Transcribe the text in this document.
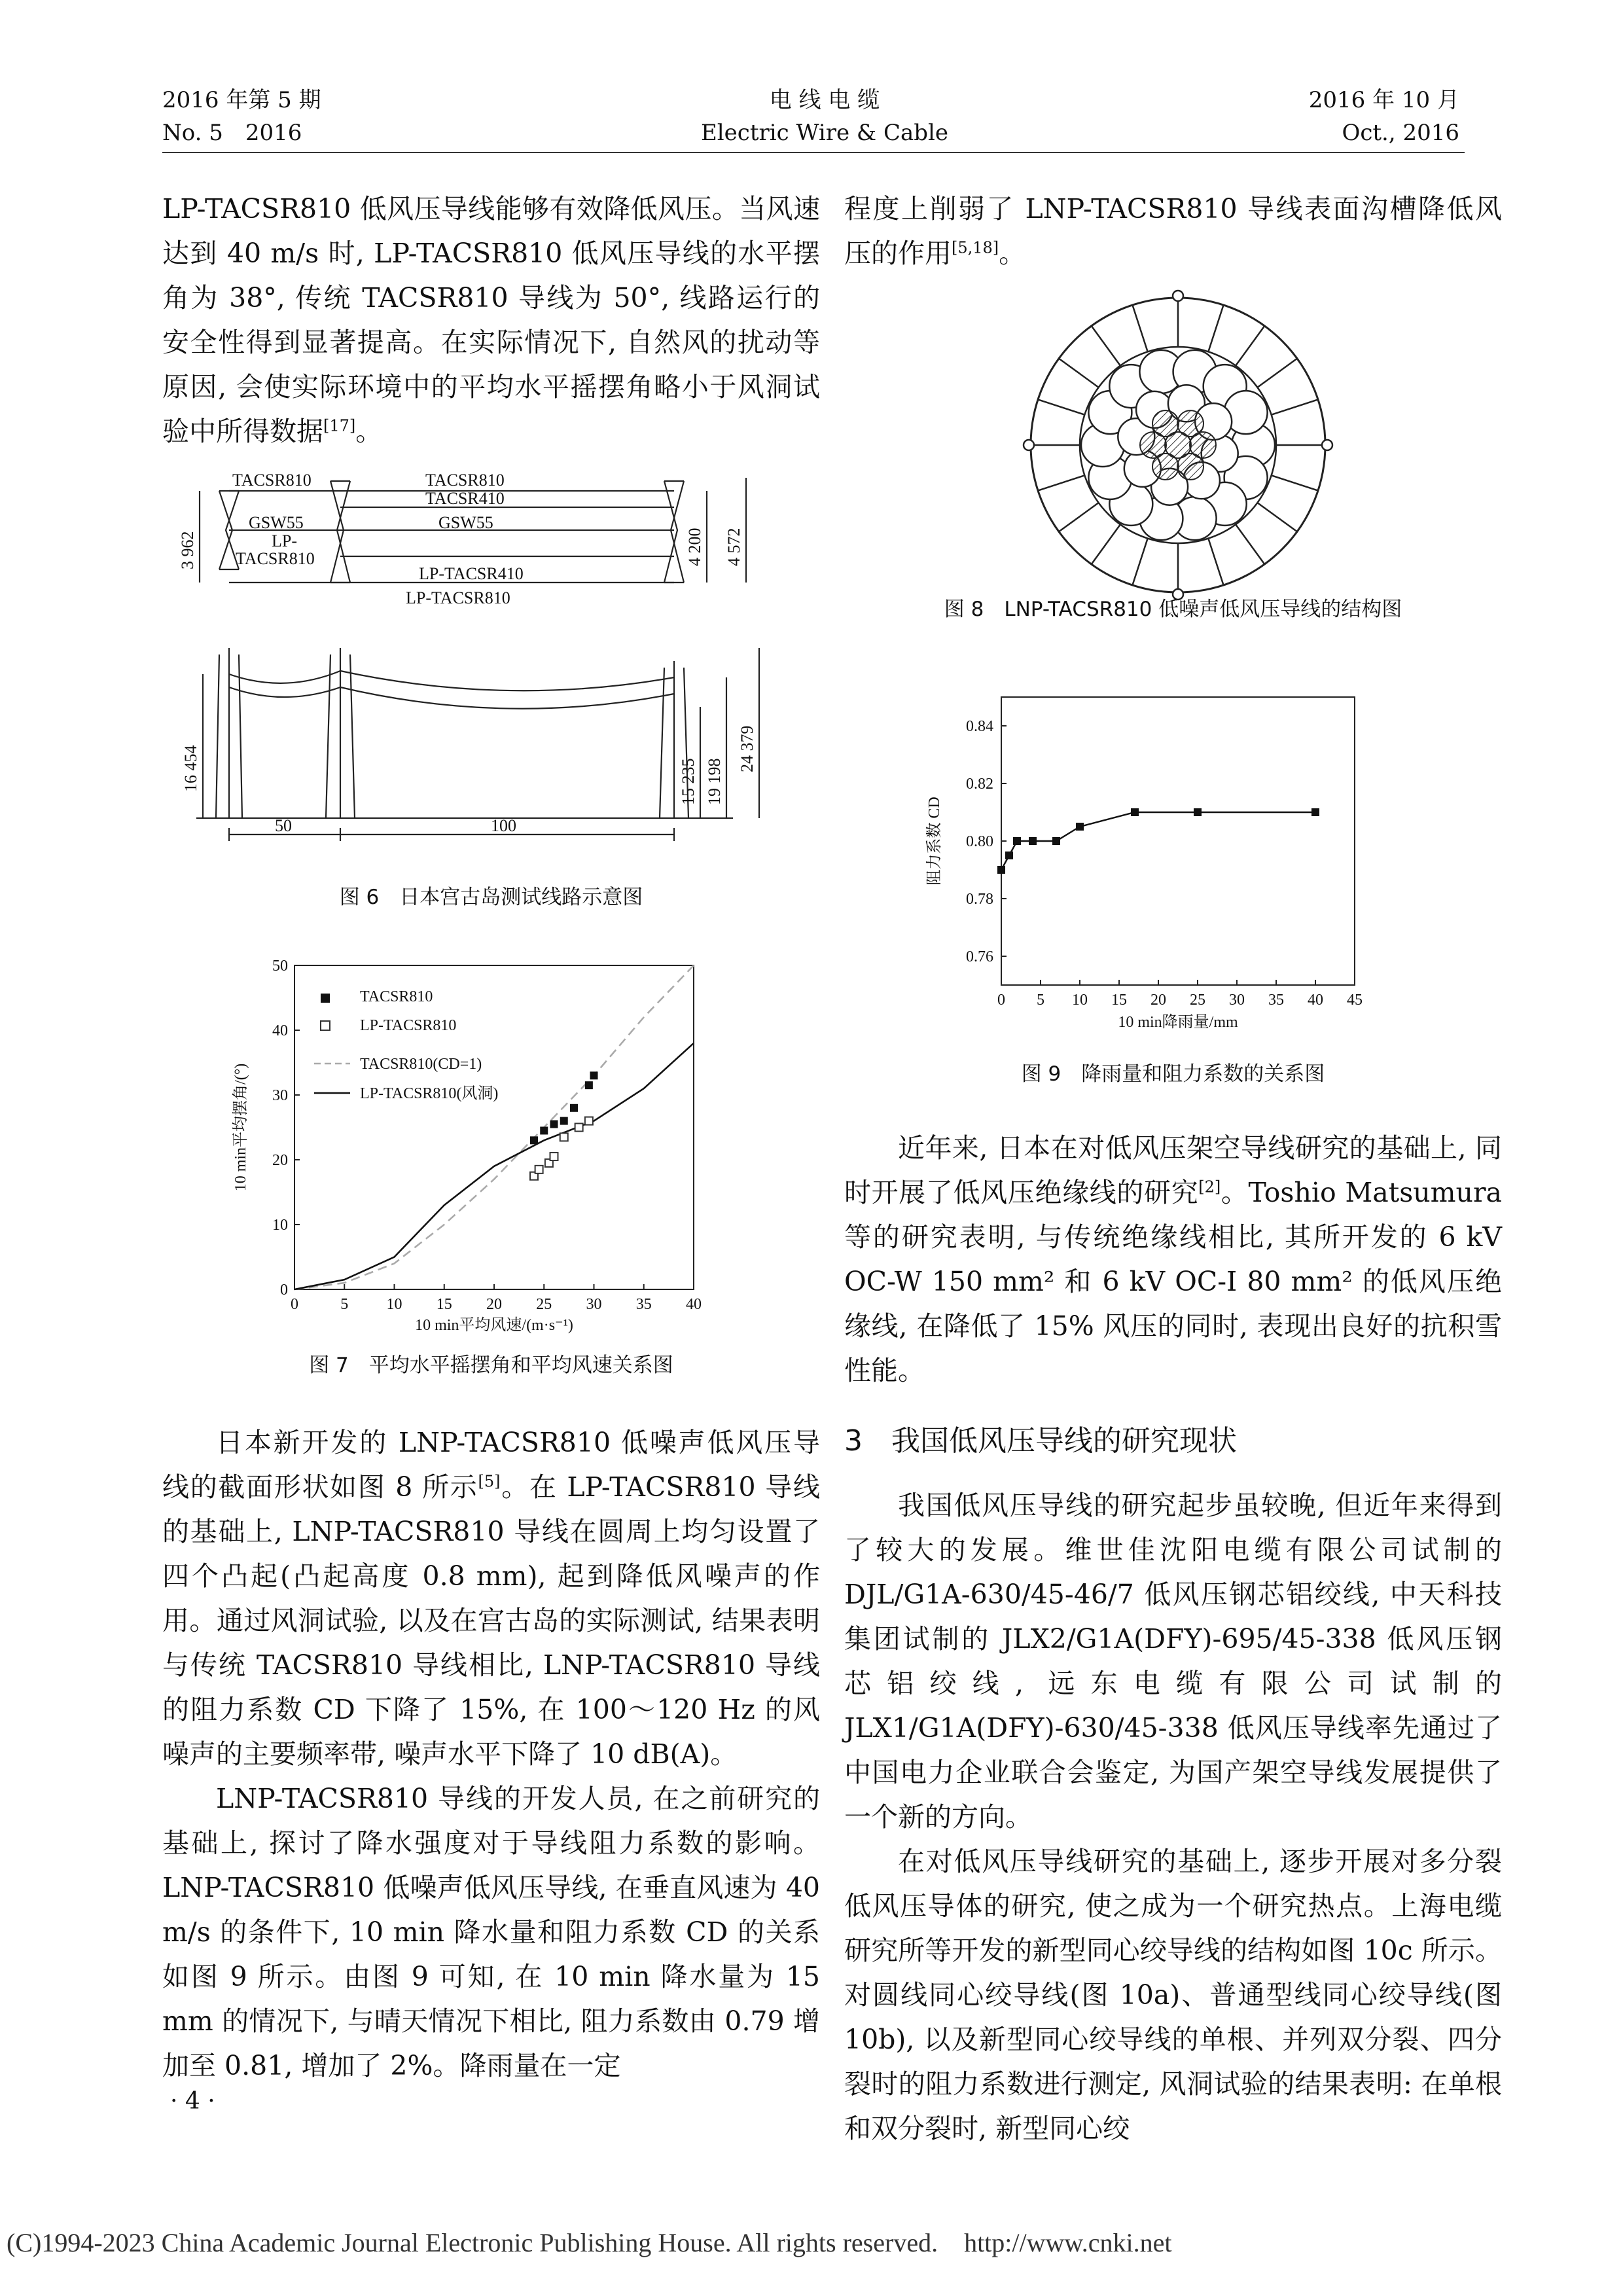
2016 年第 5 期
No. 5　2016
电 线 电 缆
Electric Wire & Cable
2016 年 10 月
Oct., 2016

LP-TACSR810 低风压导线能够有效降低风压。当风速达到 40 m/s 时, LP-TACSR810 低风压导线的水平摆角为 38°, 传统 TACSR810 导线为 50°, 线路运行的安全性得到显著提高。在实际情况下, 自然风的扰动等原因, 会使实际环境中的平均水平摇摆角略小于风洞试验中所得数据[17]。

TACSR810	TACSR810
TACSR410
GSW55	GSW55
LP-
TACSR810
LP-TACSR410
LP-TACSR810
3 962	4 200 4 572
16 454	15 235 19 198
24 379
50	100
图 6　日本宫古岛测试线路示意图
0	5 10 15 20 25 30 35 40
0
10
20
30
40
50
10 min平均风速/(m·s⁻¹)
10 min平均摆角/(°)
TACSR810
LP-TACSR810
TACSR810(CD=1)
LP-TACSR810(风洞)
图 7　平均水平摇摆角和平均风速关系图

日本新开发的 LNP-TACSR810 低噪声低风压导线的截面形状如图 8 所示[5]。在 LP-TACSR810 导线的基础上, LNP-TACSR810 导线在圆周上均匀设置了四个凸起(凸起高度 0.8 mm), 起到降低风噪声的作用。通过风洞试验, 以及在宫古岛的实际测试, 结果表明与传统 TACSR810 导线相比, LNP-TACSR810 导线的阻力系数 CD 下降了 15%, 在 100～120 Hz 的风噪声的主要频率带, 噪声水平下降了 10 dB(A)。

LNP-TACSR810 导线的开发人员, 在之前研究的基础上, 探讨了降水强度对于导线阻力系数的影响。LNP-TACSR810 低噪声低风压导线, 在垂直风速为 40 m/s 的条件下, 10 min 降水量和阻力系数 CD 的关系如图 9 所示。由图 9 可知, 在 10 min 降水量为 15 mm 的情况下, 与晴天情况下相比, 阻力系数由 0.79 增加至 0.81, 增加了 2%。降雨量在一定

· 4 ·

程度上削弱了 LNP-TACSR810 导线表面沟槽降低风压的作用[5,18]。

图 8　LNP-TACSR810 低噪声低风压导线的结构图
0 5 10 15 20 25 30 35 40 45
0.76
0.78
0.80
0.82
0.84
10 min降雨量/mm
阻力系数 CD
图 9　降雨量和阻力系数的关系图

近年来, 日本在对低风压架空导线研究的基础上, 同时开展了低风压绝缘线的研究[2]。Toshio Matsumura 等的研究表明, 与传统绝缘线相比, 其所开发的 6 kV OC-W 150 mm² 和 6 kV OC-I 80 mm² 的低风压绝缘线, 在降低了 15% 风压的同时, 表现出良好的抗积雪性能。

3　我国低风压导线的研究现状

我国低风压导线的研究起步虽较晚, 但近年来得到了较大的发展。维世佳沈阳电缆有限公司试制的 DJL/G1A-630/45-46/7 低风压钢芯铝绞线, 中天科技集团试制的 JLX2/G1A(DFY)-695/45-338 低风压钢芯铝绞线, 远东电缆有限公司试制的 JLX1/G1A(DFY)-630/45-338 低风压导线率先通过了中国电力企业联合会鉴定, 为国产架空导线发展提供了一个新的方向。

在对低风压导线研究的基础上, 逐步开展对多分裂低风压导体的研究, 使之成为一个研究热点。上海电缆研究所等开发的新型同心绞导线的结构如图 10c 所示。对圆线同心绞导线(图 10a)、普通型线同心绞导线(图 10b), 以及新型同心绞导线的单根、并列双分裂、四分裂时的阻力系数进行测定, 风洞试验的结果表明: 在单根和双分裂时, 新型同心绞

(C)1994-2023 China Academic Journal Electronic Publishing House. All rights reserved.　http://www.cnki.net
